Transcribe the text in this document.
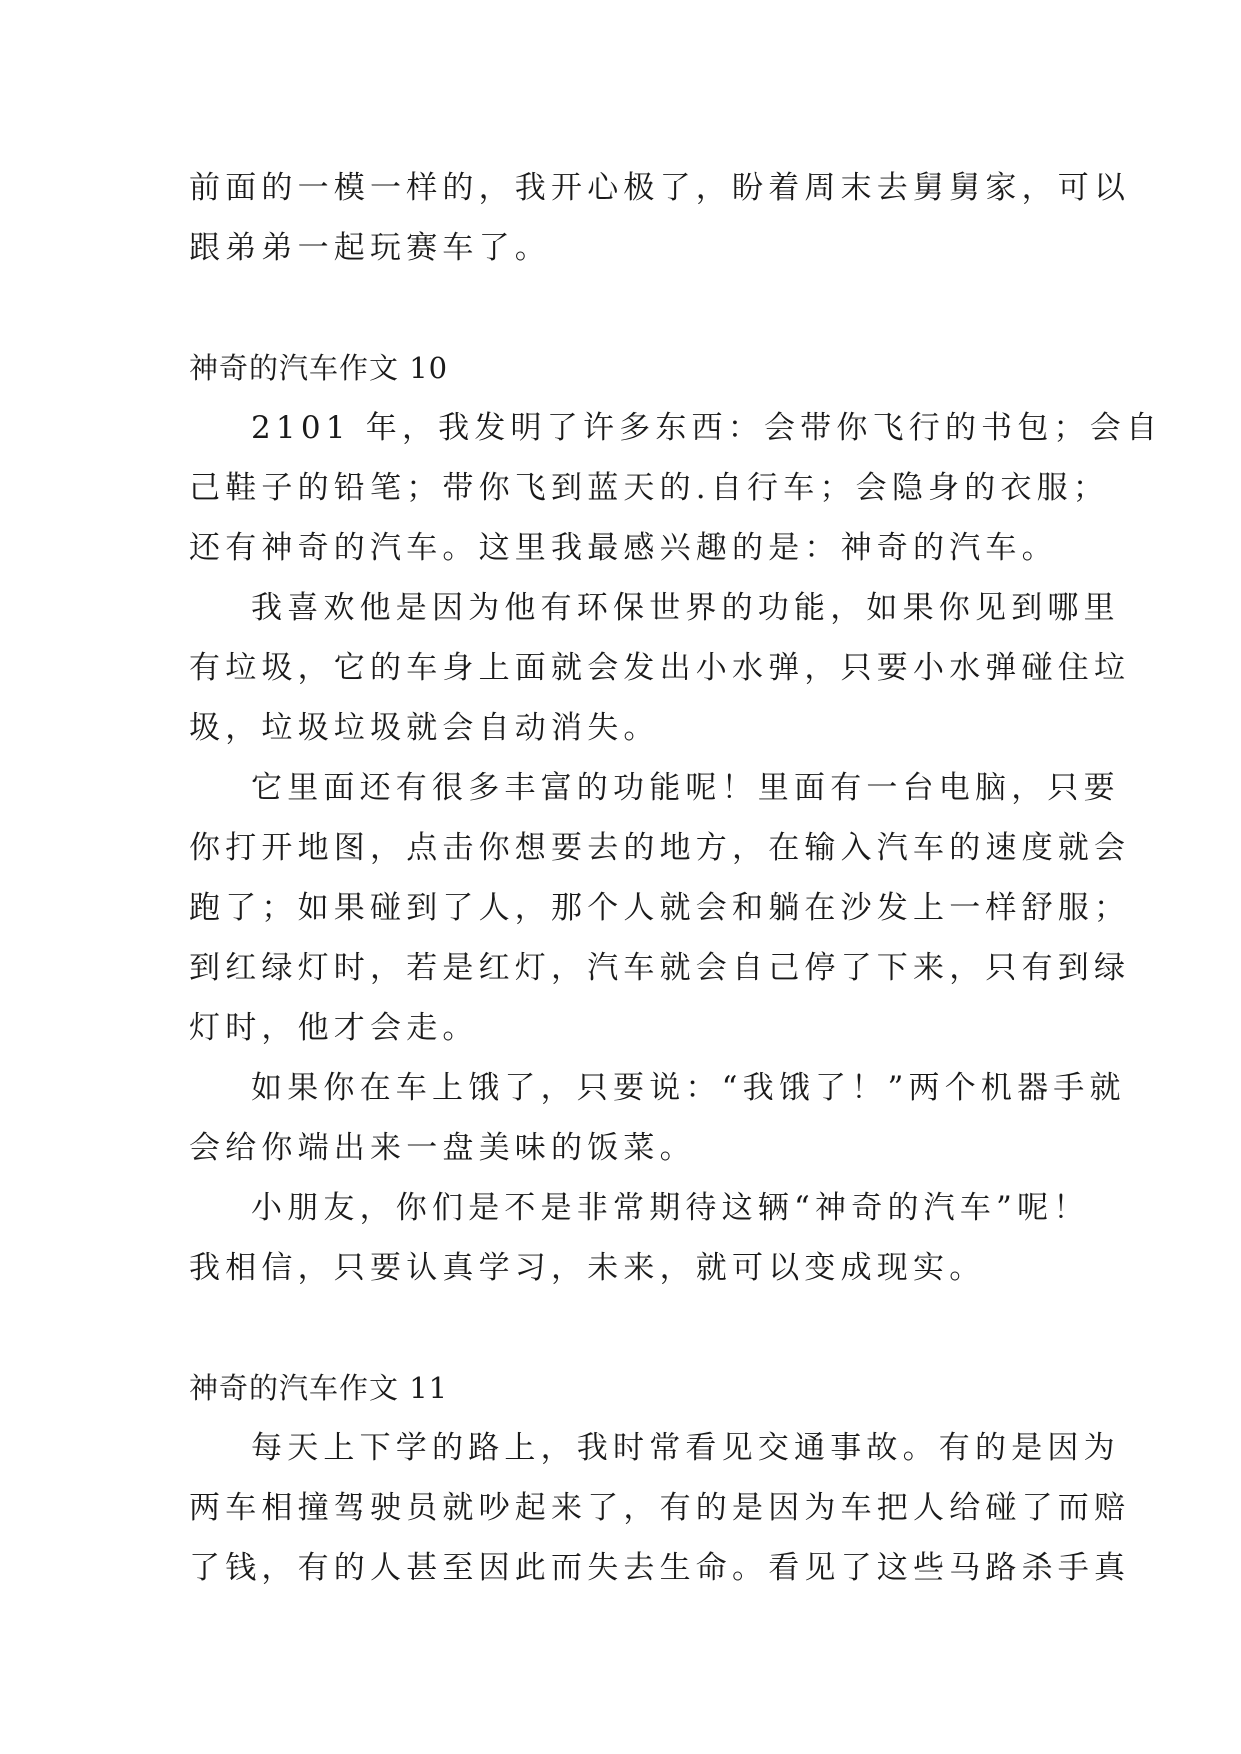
前面的一模一样的，我开心极了，盼着周末去舅舅家，可以
跟弟弟一起玩赛车了。
神奇的汽车作文 10
2101 年，我发明了许多东西：会带你飞行的书包；会自
己鞋子的铅笔；带你飞到蓝天的.自行车；会隐身的衣服；
还有神奇的汽车。这里我最感兴趣的是：神奇的汽车。
我喜欢他是因为他有环保世界的功能，如果你见到哪里
有垃圾，它的车身上面就会发出小水弹，只要小水弹碰住垃
圾，垃圾垃圾就会自动消失。
它里面还有很多丰富的功能呢！里面有一台电脑，只要
你打开地图，点击你想要去的地方，在输入汽车的速度就会
跑了；如果碰到了人，那个人就会和躺在沙发上一样舒服；
到红绿灯时，若是红灯，汽车就会自己停了下来，只有到绿
灯时，他才会走。
如果你在车上饿了，只要说：“我饿了！”两个机器手就
会给你端出来一盘美味的饭菜。
小朋友，你们是不是非常期待这辆“神奇的汽车”呢！
我相信，只要认真学习，未来，就可以变成现实。
神奇的汽车作文 11
每天上下学的路上，我时常看见交通事故。有的是因为
两车相撞驾驶员就吵起来了，有的是因为车把人给碰了而赔
了钱，有的人甚至因此而失去生命。看见了这些马路杀手真
